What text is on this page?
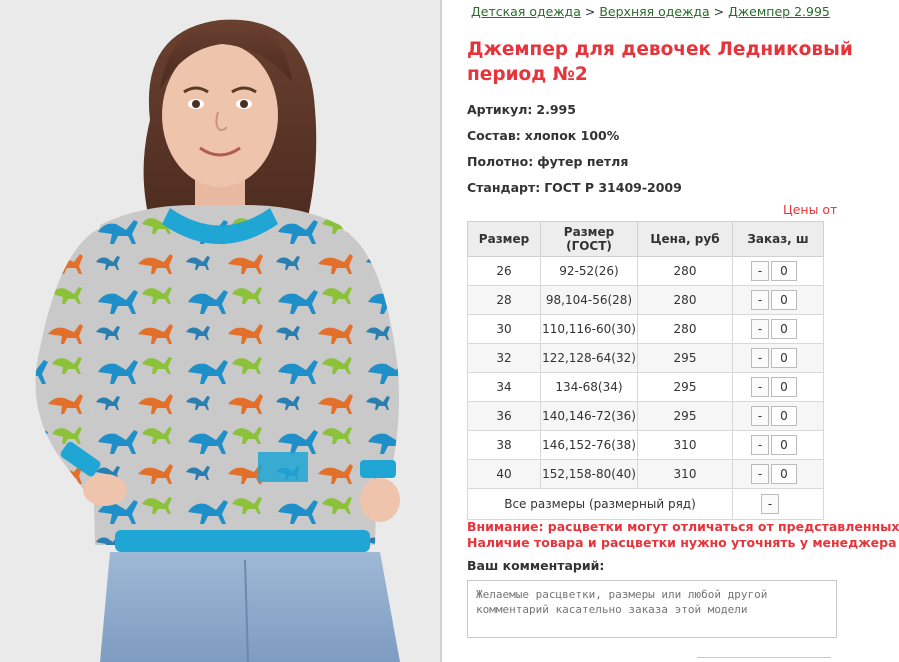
Детская одежда > Верхняя одежда > Джемпер 2.995
Джемпер для девочек Ледниковый
период №2
Артикул: 2.995
Состав: хлопок 100%
Полотно: футер петля
Стандарт: ГОСТ Р 31409-2009
Цены от
Размер	Размер (ГОСТ)	Цена, руб	Заказ, ш
26	92-52(26)	280	- 0

28	98,104-56(28)	280	- 0

30	110,116-60(30)	280	- 0

32	122,128-64(32)	295	- 0

34	134-68(34)	295	- 0

36	140,146-72(36)	295	- 0

38	146,152-76(38)	310	- 0

40	152,158-80(40)	310	- 0

Все размеры (размерный ряд)			-
Внимание: расцветки могут отличаться от представленных
Наличие товара и расцветки нужно уточнять у менеджера
Ваш комментарий:
Желаемые расцветки, размеры или любой другой комментарий касательно заказа этой модели
